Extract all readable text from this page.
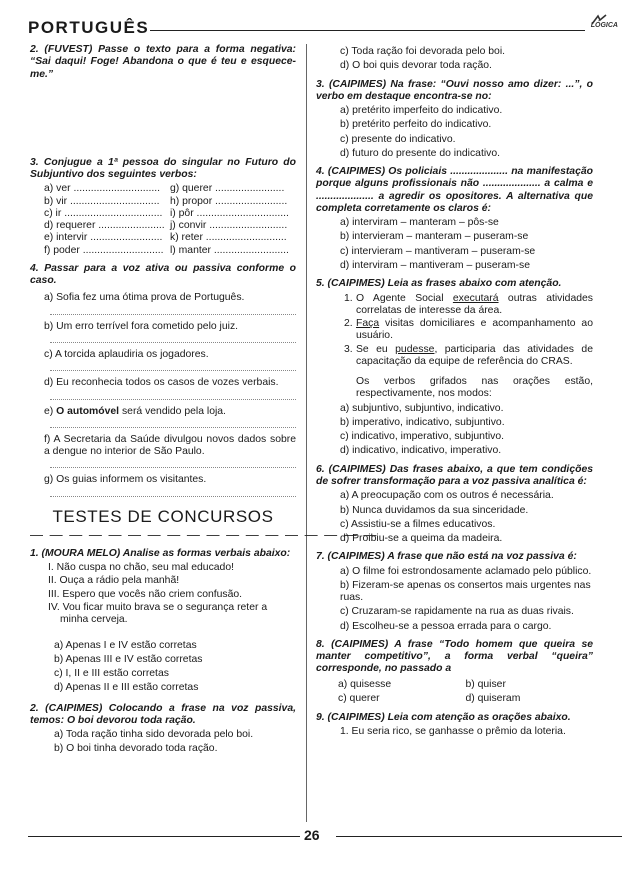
PORTUGUÊS	LÓGICA

2. (FUVEST) Passe o texto para a forma negativa: “Sai daqui! Foge! Abandona o que é teu e esquece-me.”

3. Conjugue a 1ª pessoa do singular no Futuro do Subjuntivo dos seguintes verbos:

a) ver .............................. g) querer ........................
b) vir ...............................	h) propor .........................
c) ir .................................. i) pôr ................................
d) requerer ....................... j) convir ...........................
e) intervir ......................... k) reter ............................
f) poder ............................ l) manter ..........................

4. Passar para a voz ativa ou passiva conforme o caso.

a) Sofia fez uma ótima prova de Português.
b) Um erro terrível fora cometido pelo juiz.
c) A torcida aplaudiria os jogadores.
d) Eu reconhecia todos os casos de vozes verbais.
e) O automóvel será vendido pela loja.
f) A Secretaria da Saúde divulgou novos dados sobre a dengue no interior de São Paulo.
g) Os guias informem os visitantes.
TESTES DE CONCURSOS
— — — — — — — — — — — — — — — — — —

1. (MOURA MELO) Analise as formas verbais abaixo:

I. Não cuspa no chão, seu mal educado!
II. Ouça a rádio pela manhã!
III. Espero que vocês não criem confusão.
IV. Vou ficar muito brava se o segurança reter a minha cerveja.
a) Apenas I e IV estão corretas
b) Apenas III e IV estão corretas
c) I, II e III estão corretas
d) Apenas II e III estão corretas

2. (CAIPIMES) Colocando a frase na voz passiva, temos: O boi devorou toda ração.

a) Toda ração tinha sido devorada pelo boi.
b) O boi tinha devorado toda ração.
c) Toda ração foi devorada pelo boi.
d) O boi quis devorar toda ração.

3. (CAIPIMES) Na frase: “Ouvi nosso amo dizer: ...”, o verbo em destaque encontra-se no:

a) pretérito imperfeito do indicativo.
b) pretérito perfeito do indicativo.
c) presente do indicativo.
d) futuro do presente do indicativo.

4. (CAIPIMES) Os policiais .................... na manifestação porque alguns profissionais não .................... a calma e .................... a agredir os opositores. A alternativa que completa corretamente os claros é:

a) interviram – manteram – pôs-se
b) intervieram – manteram – puseram-se
c) intervieram – mantiveram – puseram-se
d) interviram – mantiveram – puseram-se

5. (CAIPIMES) Leia as frases abaixo com atenção.

1. O Agente Social executará outras atividades correlatas de interesse da área.
2. Faça visitas domiciliares e acompanhamento ao usuário.
3. Se eu pudesse, participaria das atividades de capacitação da equipe de referência do CRAS.
Os verbos grifados nas orações estão, respectivamente, nos modos:
a) subjuntivo, subjuntivo, indicativo.
b) imperativo, indicativo, subjuntivo.
c) indicativo, imperativo, subjuntivo.
d) indicativo, indicativo, imperativo.

6. (CAIPIMES) Das frases abaixo, a que tem condições de sofrer transformação para a voz passiva analítica é:

a) A preocupação com os outros é necessária.
b) Nunca duvidamos da sua sinceridade.
c) Assistiu-se a filmes educativos.
d) Proibiu-se a queima da madeira.

7. (CAIPIMES) A frase que não está na voz passiva é:

a) O filme foi estrondosamente aclamado pelo público.
b) Fizeram-se apenas os consertos mais urgentes nas ruas.
c) Cruzaram-se rapidamente na rua as duas rivais.
d) Escolheu-se a pessoa errada para o cargo.

8. (CAIPIMES) A frase “Todo homem que queira se manter competitivo”, a forma verbal “queira” corresponde, no passado a

a) quisesse	b) quiser
c) querer	d) quiseram

9. (CAIPIMES) Leia com atenção as orações abaixo.

1. Eu seria rico, se ganhasse o prêmio da loteria.
26
